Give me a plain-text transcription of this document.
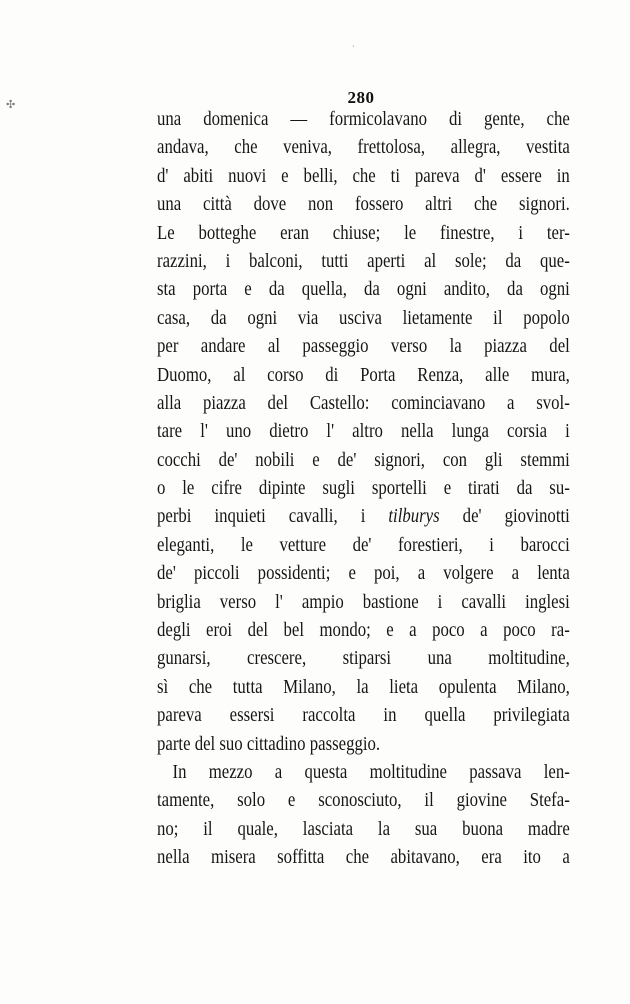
✣
·
280
una domenica — formicolavano di gente, che
andava, che veniva, frettolosa, allegra, vestita
d' abiti nuovi e belli, che ti pareva d' essere in
una città dove non fossero altri che signori.
Le botteghe eran chiuse; le finestre, i ter-
razzini, i balconi, tutti aperti al sole; da que-
sta porta e da quella, da ogni andito, da ogni
casa, da ogni via usciva lietamente il popolo
per andare al passeggio verso la piazza del
Duomo, al corso di Porta Renza, alle mura,
alla piazza del Castello: cominciavano a svol-
tare l' uno dietro l' altro nella lunga corsia i
cocchi de' nobili e de' signori, con gli stemmi
o le cifre dipinte sugli sportelli e tirati da su-
perbi inquieti cavalli, i tilburys de' giovinotti
eleganti, le vetture de' forestieri, i barocci
de' piccoli possidenti; e poi, a volgere a lenta
briglia verso l' ampio bastione i cavalli inglesi
degli eroi del bel mondo; e a poco a poco ra-
gunarsi, crescere, stiparsi una moltitudine,
sì che tutta Milano, la lieta opulenta Milano,
pareva essersi raccolta in quella privilegiata
parte del suo cittadino passeggio.
In mezzo a questa moltitudine passava len-
tamente, solo e sconosciuto, il giovine Stefa-
no; il quale, lasciata la sua buona madre
nella misera soffitta che abitavano, era ito a
